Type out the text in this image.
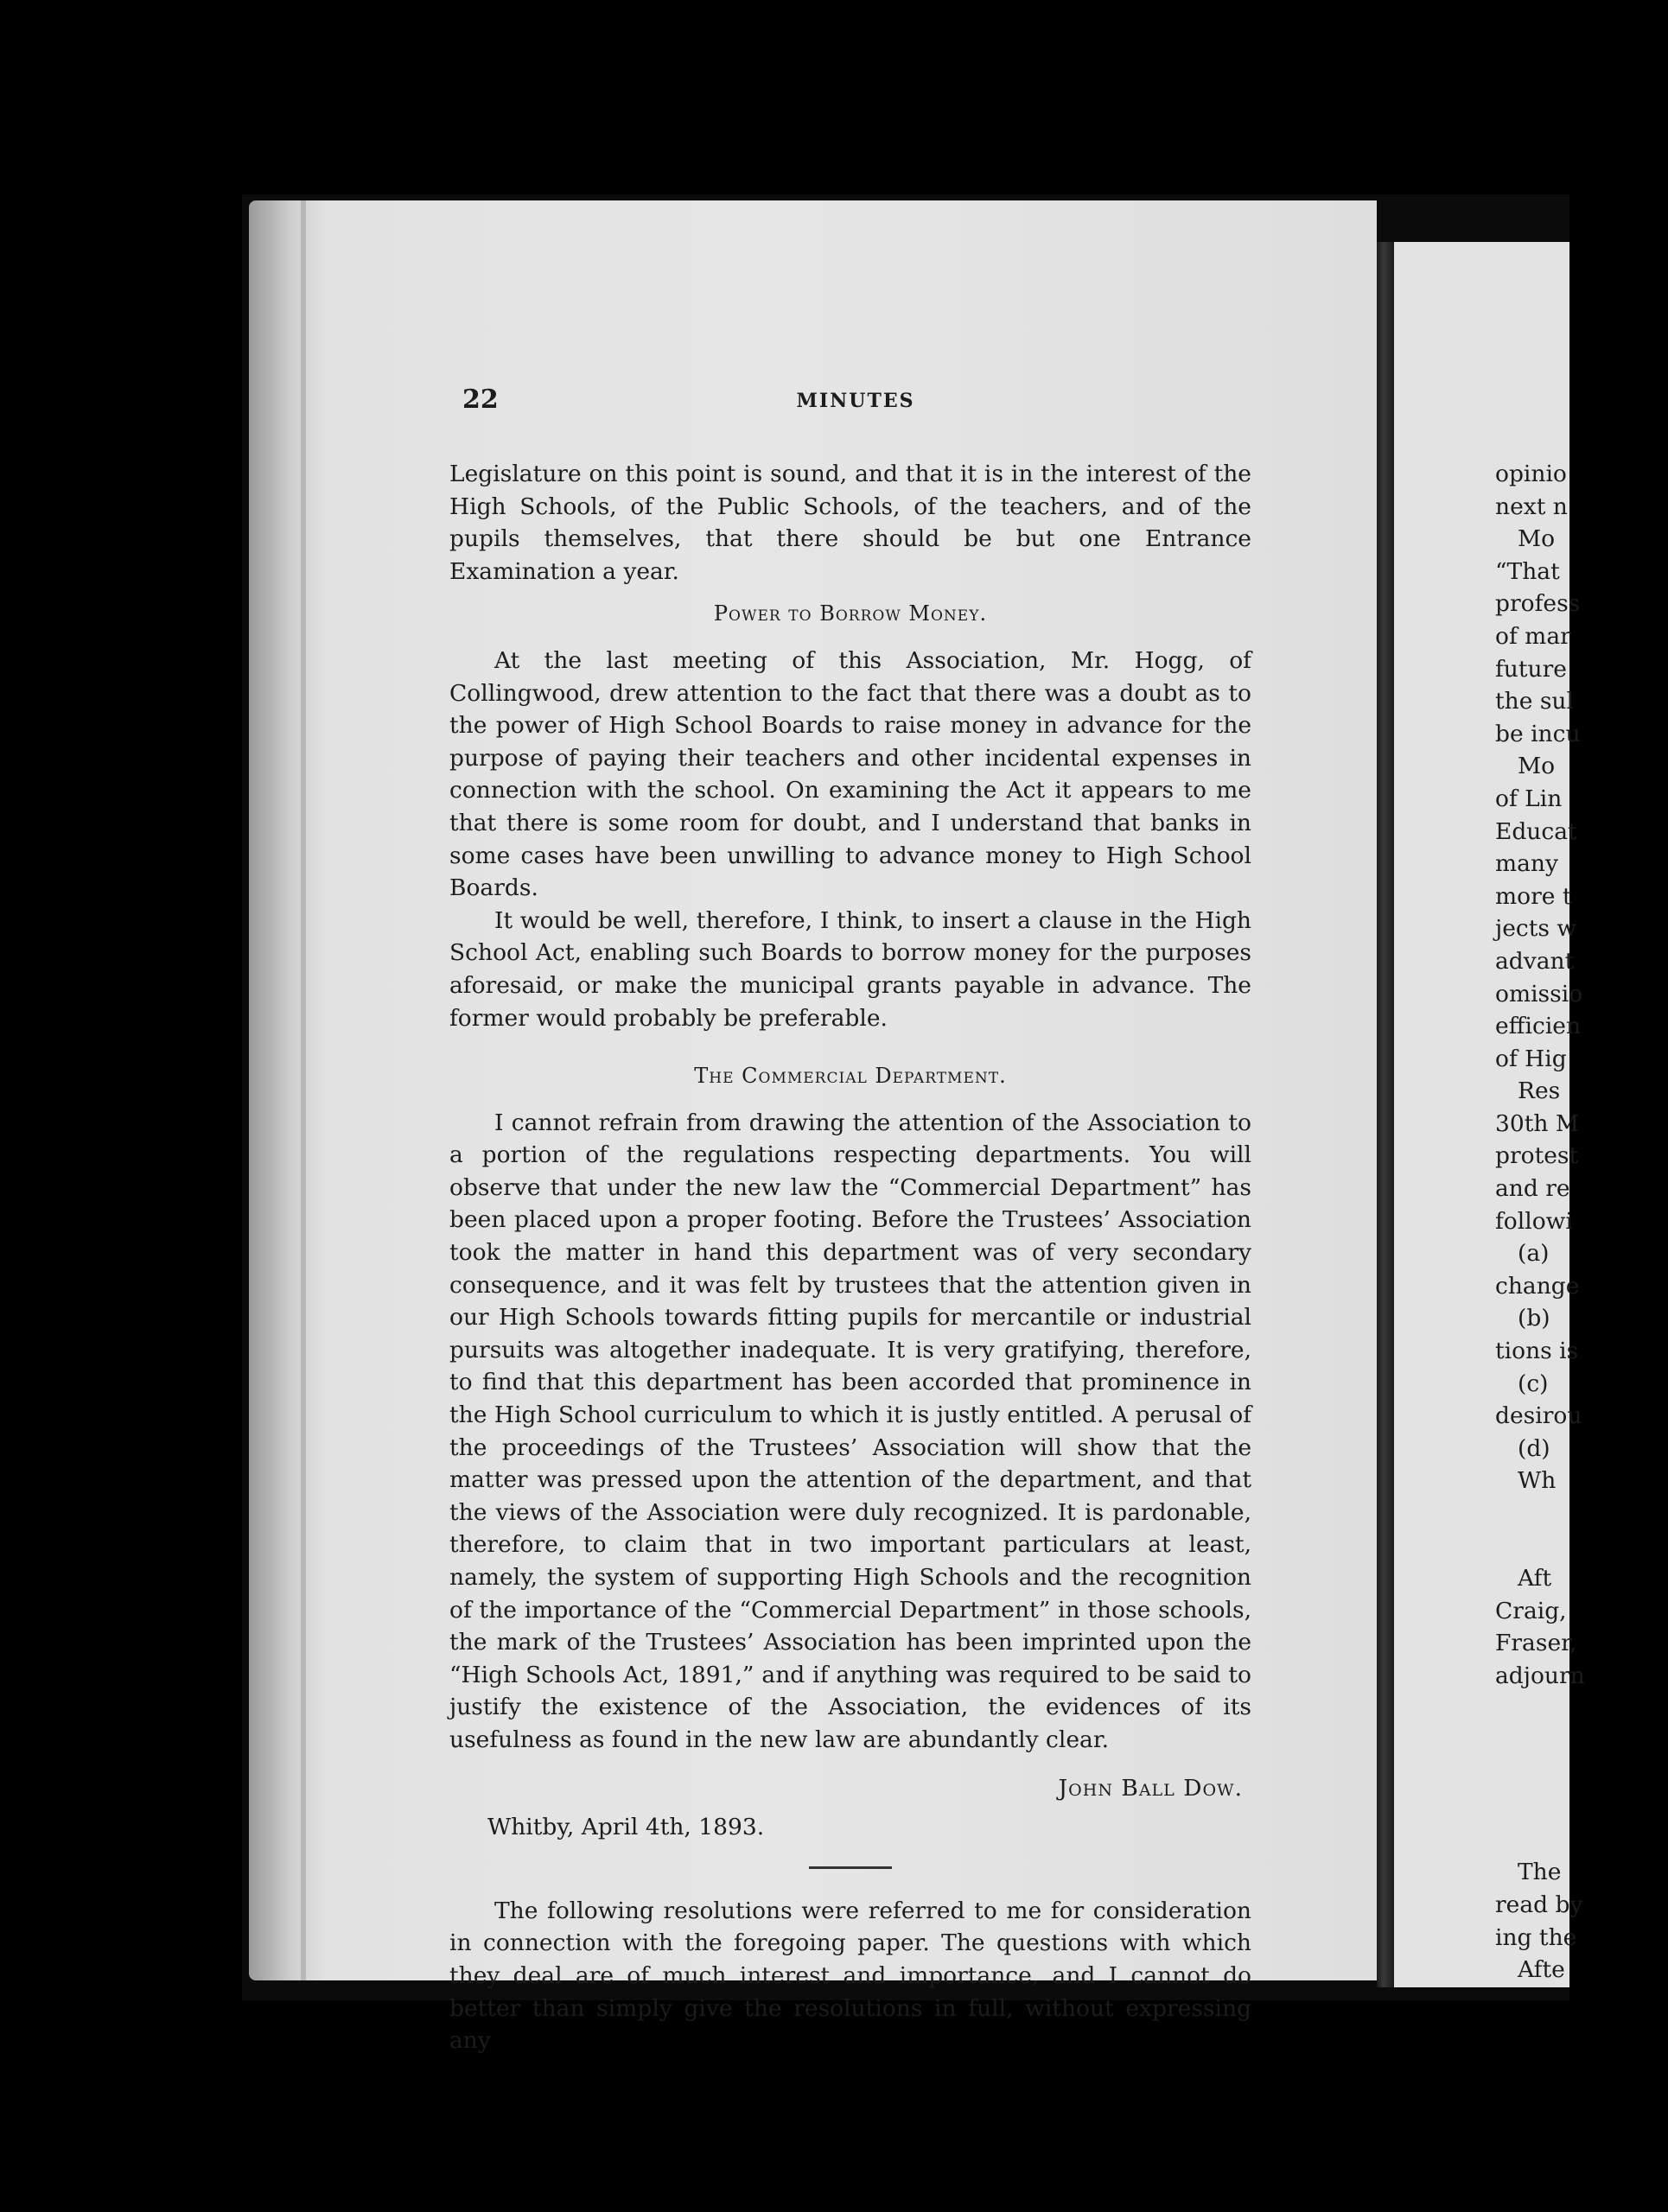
22	MINUTES

Legislature on this point is sound, and that it is in the interest of the High Schools, of the Public Schools, of the teachers, and of the pupils themselves, that there should be but one Entrance Examination a year.

Power to Borrow Money.

At the last meeting of this Association, Mr. Hogg, of Collingwood, drew attention to the fact that there was a doubt as to the power of High School Boards to raise money in advance for the purpose of paying their teachers and other incidental expenses in connection with the school. On examining the Act it appears to me that there is some room for doubt, and I understand that banks in some cases have been unwilling to advance money to High School Boards.

It would be well, therefore, I think, to insert a clause in the High School Act, enabling such Boards to borrow money for the purposes aforesaid, or make the municipal grants payable in advance. The former would probably be preferable.

The Commercial Department.

I cannot refrain from drawing the attention of the Association to a portion of the regulations respecting departments. You will observe that under the new law the “Commercial Department” has been placed upon a proper footing. Before the Trustees’ Association took the matter in hand this department was of very secondary consequence, and it was felt by trustees that the attention given in our High Schools towards fitting pupils for mercantile or industrial pursuits was altogether inadequate. It is very gratifying, therefore, to find that this department has been accorded that prominence in the High School curriculum to which it is justly entitled. A perusal of the proceedings of the Trustees’ Association will show that the matter was pressed upon the attention of the department, and that the views of the Association were duly recognized. It is pardonable, therefore, to claim that in two important particulars at least, namely, the system of supporting High Schools and the recognition of the importance of the “Commercial Department” in those schools, the mark of the Trustees’ Association has been imprinted upon the “High Schools Act, 1891,” and if anything was required to be said to justify the existence of the Association, the evidences of its usefulness as found in the new law are abundantly clear.

John Ball Dow.

Whitby, April 4th, 1893.

The following resolutions were referred to me for consideration in connection with the foregoing paper. The questions with which they deal are of much interest and importance, and I cannot do better than simply give the resolutions in full, without expressing any

opinio
next n
Mo
“That
profess
of mar
future
the sul
be incu
Mo
of Lin
Educat
many
more t
jects w
advant
omissio
efficien
of Hig
Res
30th M
protest
and re
followi
(a)
change
(b)
tions is
(c)
desirou
(d)
Wh
Aft
Craig,
Fraser,
adjourn
The
read by
ing the
Afte
